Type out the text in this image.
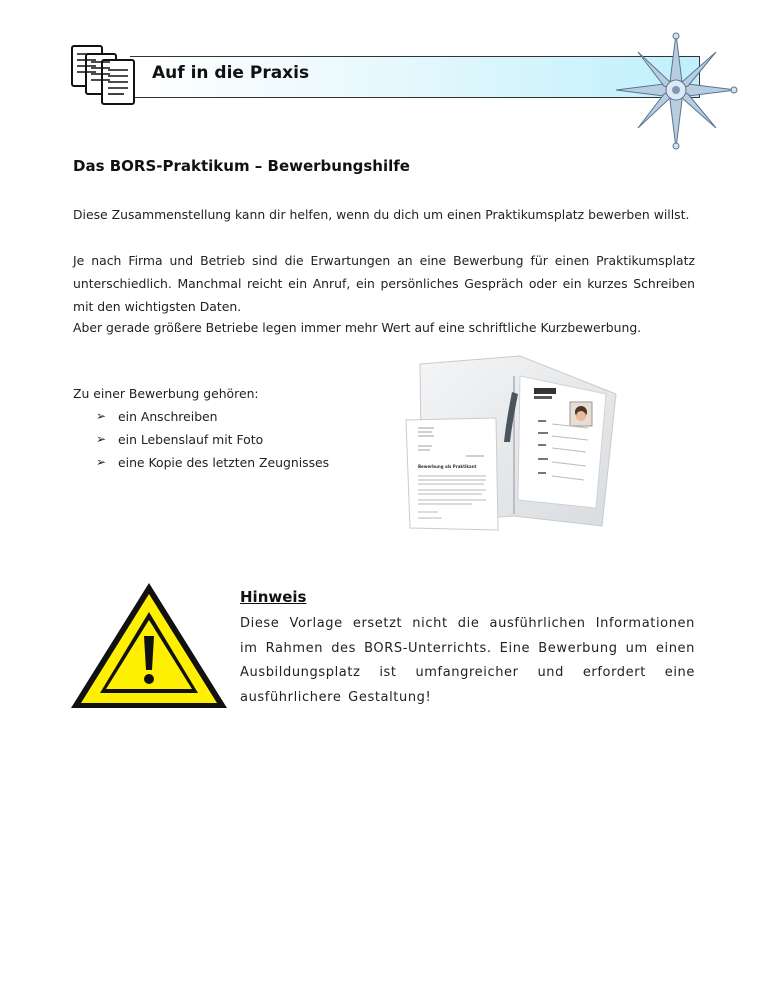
Auf in die Praxis
Das BORS-Praktikum – Bewerbungshilfe
Diese Zusammenstellung kann dir helfen, wenn du dich um einen Praktikumsplatz bewerben willst.
Je nach Firma und Betrieb sind die Erwartungen an eine Bewerbung für einen Praktikumsplatz unterschiedlich. Manchmal reicht ein Anruf, ein persönliches Gespräch oder ein kurzes Schreiben mit den wichtigsten Daten.
Aber gerade größere Betriebe legen immer mehr Wert auf eine schriftliche Kurzbewerbung.
Zu einer Bewerbung gehören:
➢ ein Anschreiben
➢ ein Lebenslauf mit Foto
➢ eine Kopie des letzten Zeugnisses	Bewerbung als Praktikant
Hinweis
Diese Vorlage ersetzt nicht die ausführlichen Informationen im Rahmen des BORS-Unterrichts. Eine Bewerbung um einen Ausbildungsplatz ist umfangreicher und erfordert eine ausführlichere Gestaltung!
